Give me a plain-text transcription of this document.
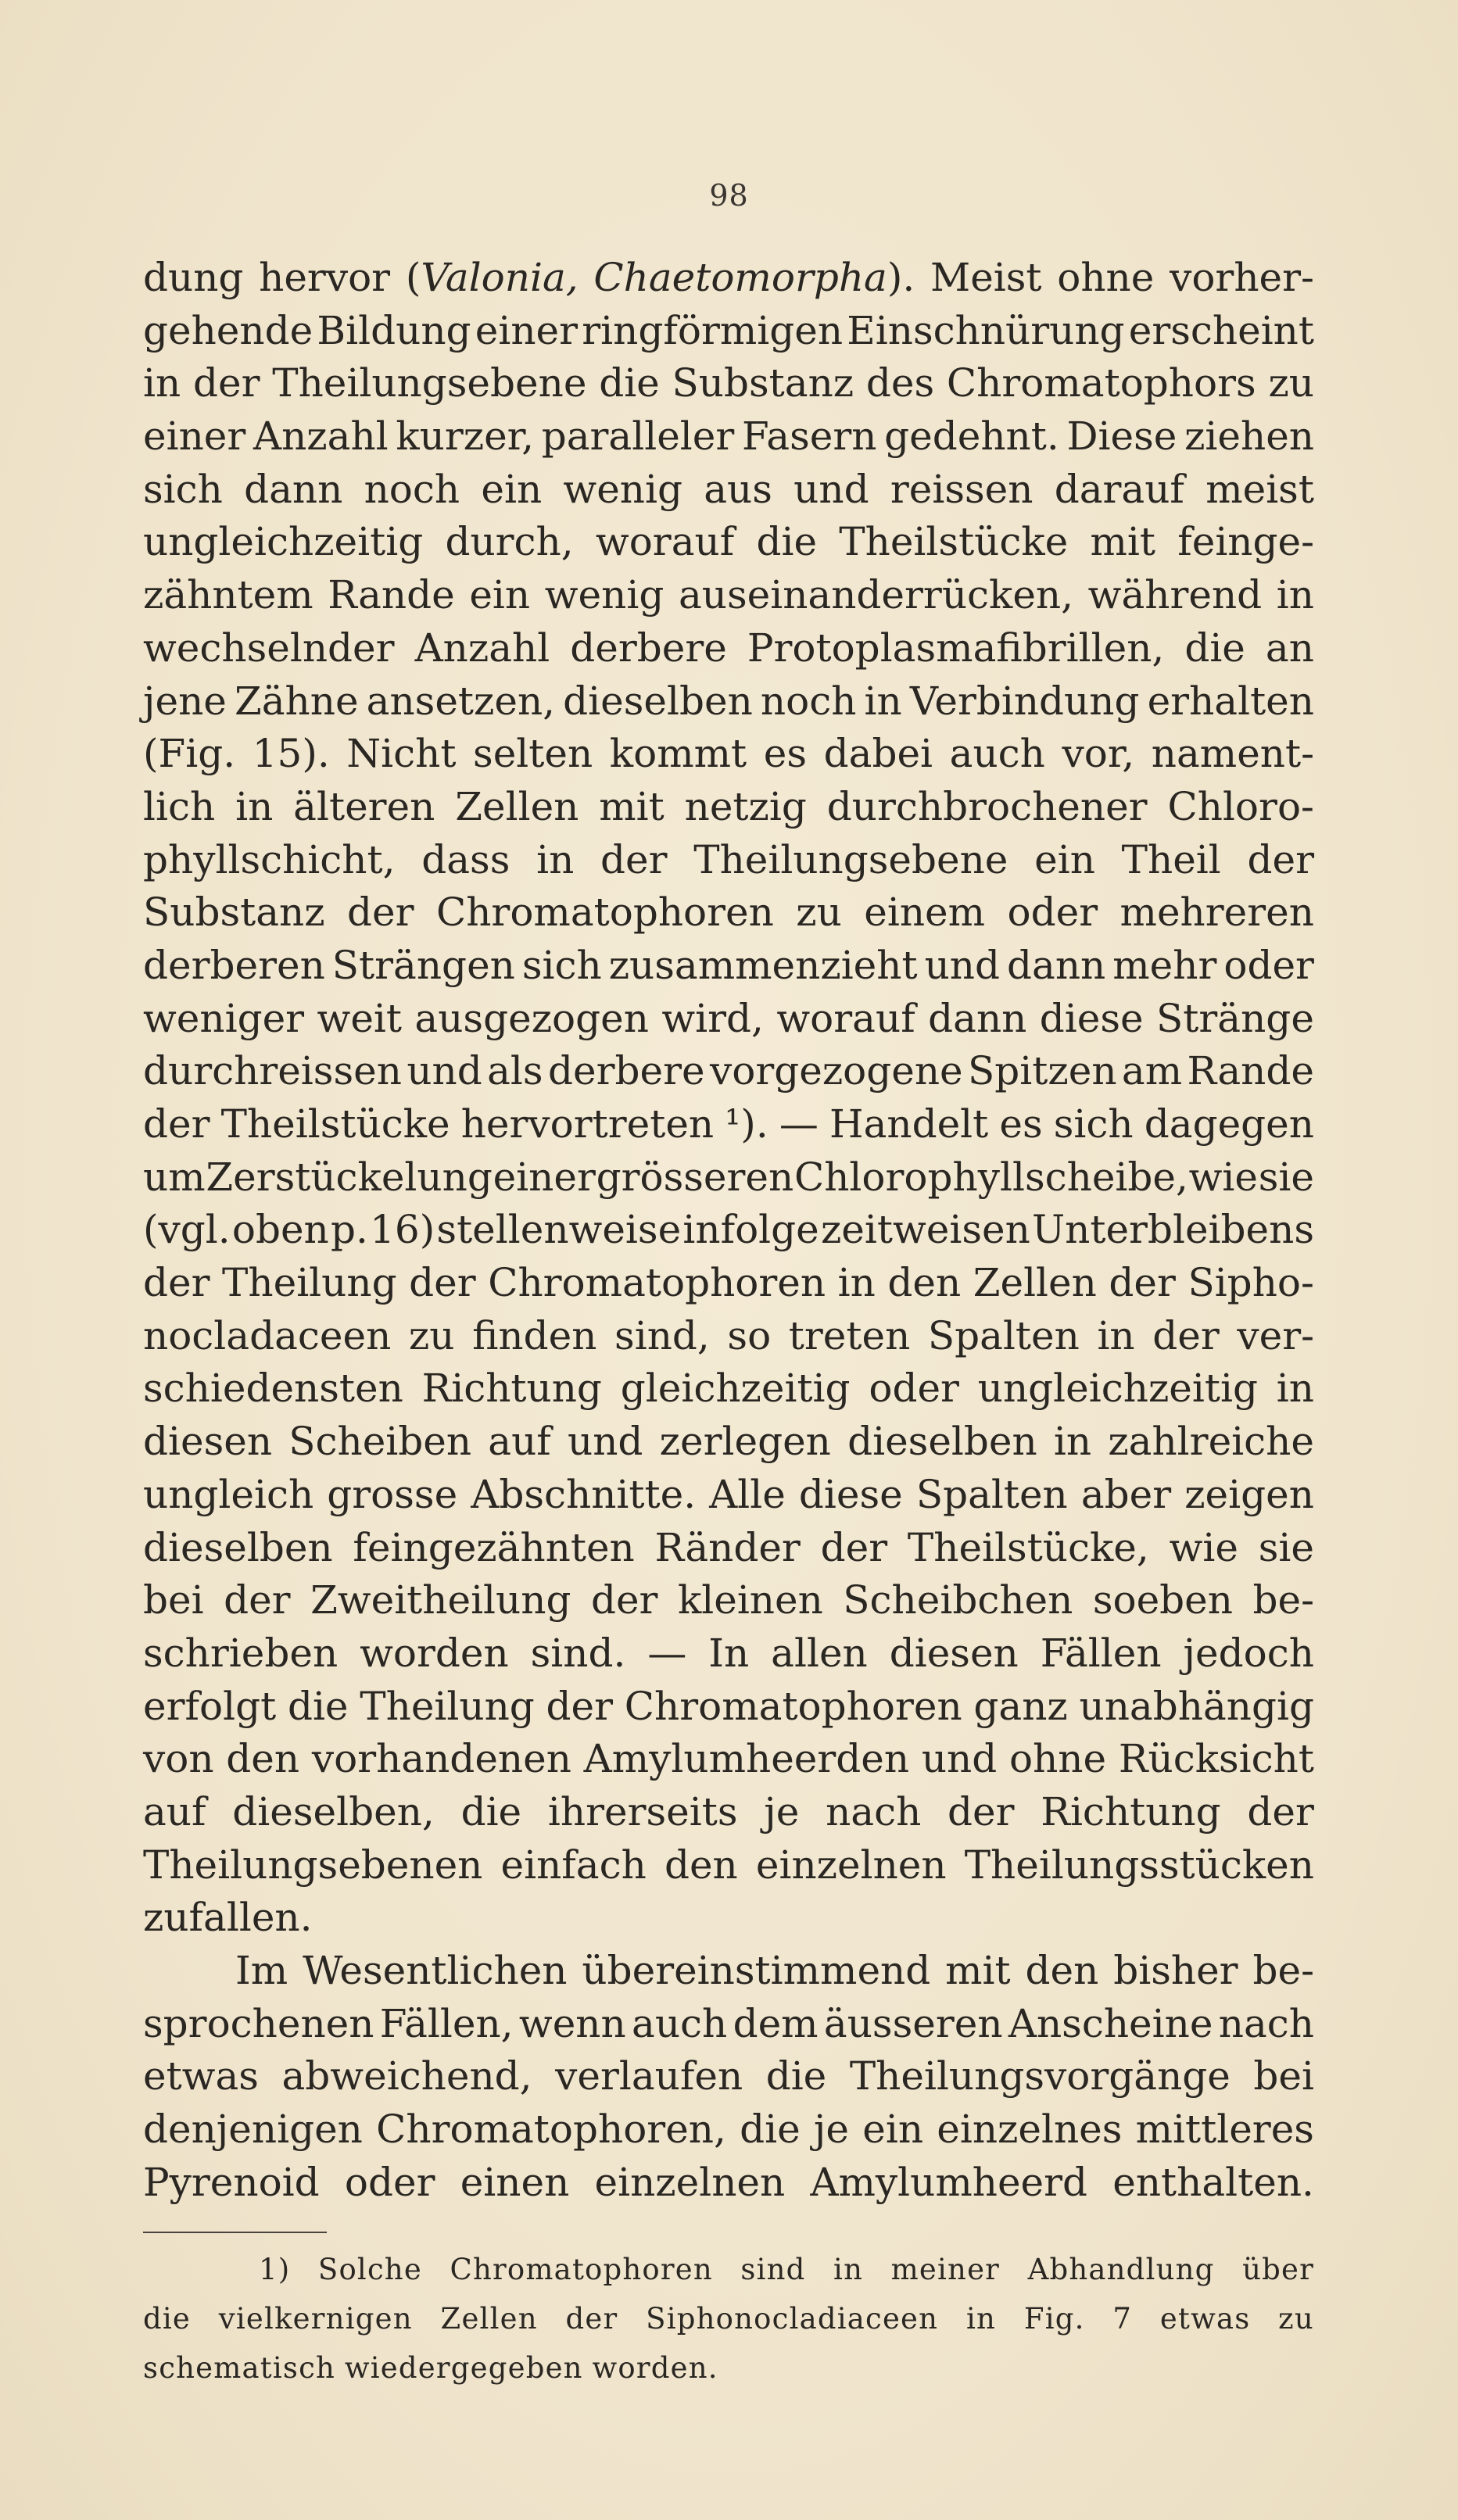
98
dung hervor (Valonia, Chaetomorpha). Meist ohne vorher-
gehende Bildung einer ringförmigen Einschnürung erscheint
in der Theilungsebene die Substanz des Chromatophors zu
einer Anzahl kurzer, paralleler Fasern gedehnt. Diese ziehen
sich dann noch ein wenig aus und reissen darauf meist
ungleichzeitig durch, worauf die Theilstücke mit feinge-
zähntem Rande ein wenig auseinanderrücken, während in
wechselnder Anzahl derbere Protoplasmafibrillen, die an
jene Zähne ansetzen, dieselben noch in Verbindung erhalten
(Fig. 15). Nicht selten kommt es dabei auch vor, nament-
lich in älteren Zellen mit netzig durchbrochener Chloro-
phyllschicht, dass in der Theilungsebene ein Theil der
Substanz der Chromatophoren zu einem oder mehreren
derberen Strängen sich zusammenzieht und dann mehr oder
weniger weit ausgezogen wird, worauf dann diese Stränge
durchreissen und als derbere vorgezogene Spitzen am Rande
der Theilstücke hervortreten ¹). — Handelt es sich dagegen
um Zerstückelung einer grösseren Chlorophyllscheibe, wie sie
(vgl. oben p. 16) stellenweise infolge zeitweisen Unterbleibens
der Theilung der Chromatophoren in den Zellen der Sipho-
nocladaceen zu finden sind, so treten Spalten in der ver-
schiedensten Richtung gleichzeitig oder ungleichzeitig in
diesen Scheiben auf und zerlegen dieselben in zahlreiche
ungleich grosse Abschnitte. Alle diese Spalten aber zeigen
dieselben feingezähnten Ränder der Theilstücke, wie sie
bei der Zweitheilung der kleinen Scheibchen soeben be-
schrieben worden sind. — In allen diesen Fällen jedoch
erfolgt die Theilung der Chromatophoren ganz unabhängig
von den vorhandenen Amylumheerden und ohne Rücksicht
auf dieselben, die ihrerseits je nach der Richtung der
Theilungsebenen einfach den einzelnen Theilungsstücken
zufallen.
Im Wesentlichen übereinstimmend mit den bisher be-
sprochenen Fällen, wenn auch dem äusseren Anscheine nach
etwas abweichend, verlaufen die Theilungsvorgänge bei
denjenigen Chromatophoren, die je ein einzelnes mittleres
Pyrenoid oder einen einzelnen Amylumheerd enthalten.
1) Solche Chromatophoren sind in meiner Abhandlung über
die vielkernigen Zellen der Siphonocladiaceen in Fig. 7 etwas zu
schematisch wiedergegeben worden.
